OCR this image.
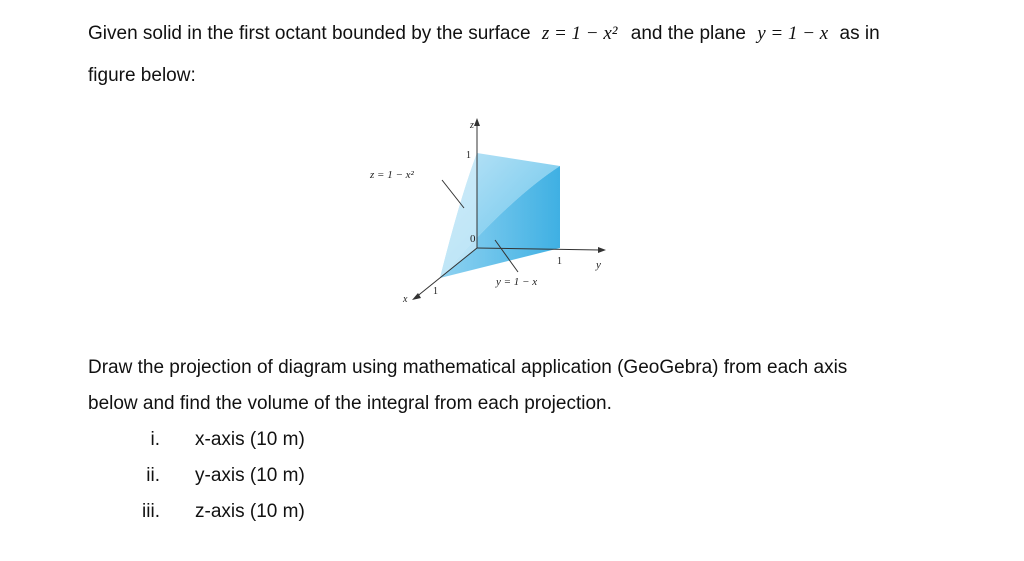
Given solid in the first octant bounded by the surface z = 1 − x² and the plane y = 1 − x as in
figure below:
z
1
0
1	y
1
x
z = 1 − x²
y = 1 − x
Draw the projection of diagram using mathematical application (GeoGebra) from each axis
below and find the volume of the integral from each projection.
i. x-axis (10 m)
ii. y-axis (10 m)
iii. z-axis (10 m)
